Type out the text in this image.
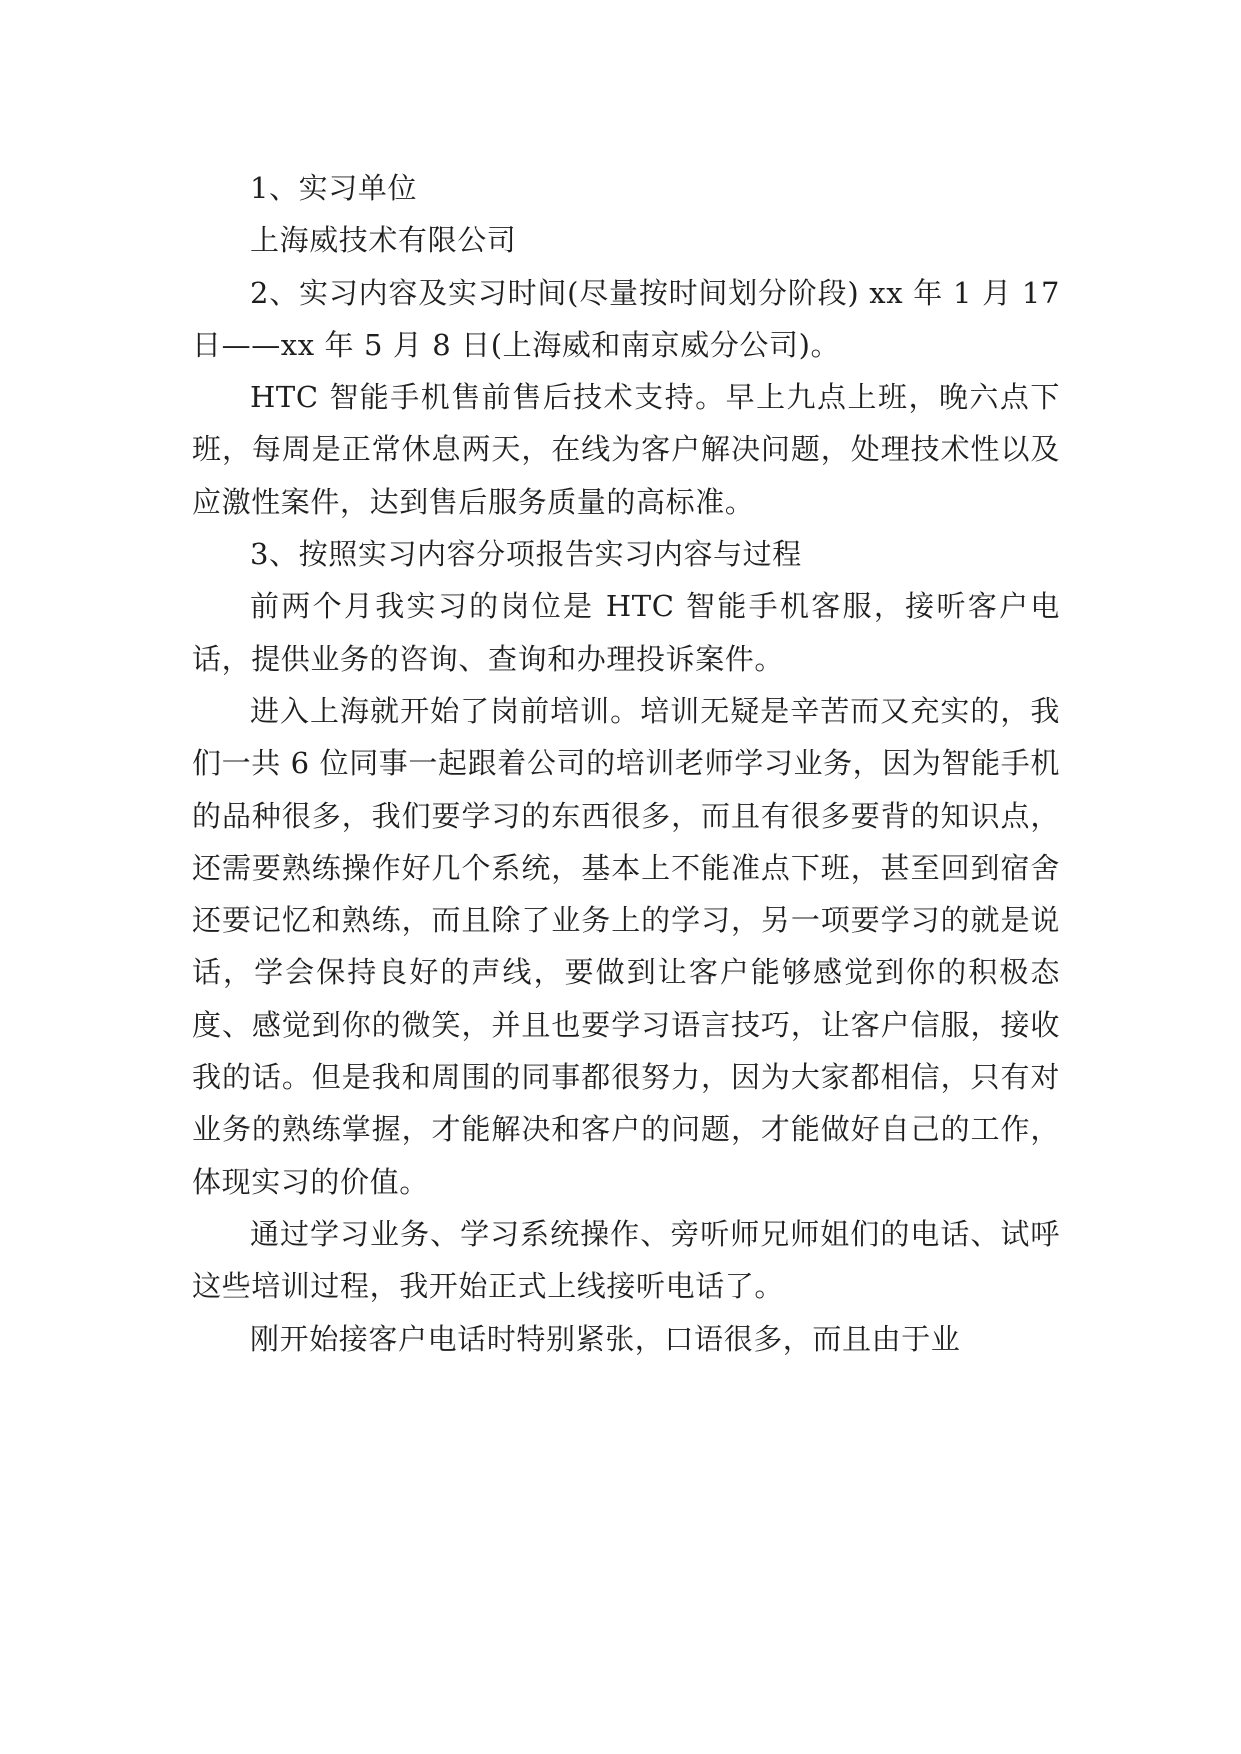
1、实习单位

上海威技术有限公司

2、实习内容及实习时间(尽量按时间划分阶段) xx 年 1 月 17 日——xx 年 5 月 8 日(上海威和南京威分公司)。

HTC 智能手机售前售后技术支持。早上九点上班，晚六点下班，每周是正常休息两天，在线为客户解决问题，处理技术性以及应激性案件，达到售后服务质量的高标准。

3、按照实习内容分项报告实习内容与过程

前两个月我实习的岗位是 HTC 智能手机客服，接听客户电话，提供业务的咨询、查询和办理投诉案件。

进入上海就开始了岗前培训。培训无疑是辛苦而又充实的，我们一共 6 位同事一起跟着公司的培训老师学习业务，因为智能手机的品种很多，我们要学习的东西很多，而且有很多要背的知识点，还需要熟练操作好几个系统，基本上不能准点下班，甚至回到宿舍还要记忆和熟练，而且除了业务上的学习，另一项要学习的就是说话，学会保持良好的声线，要做到让客户能够感觉到你的积极态度、感觉到你的微笑，并且也要学习语言技巧，让客户信服，接收我的话。但是我和周围的同事都很努力，因为大家都相信，只有对业务的熟练掌握，才能解决和客户的问题，才能做好自己的工作，体现实习的价值。

通过学习业务、学习系统操作、旁听师兄师姐们的电话、试呼这些培训过程，我开始正式上线接听电话了。

刚开始接客户电话时特别紧张，口语很多，而且由于业
